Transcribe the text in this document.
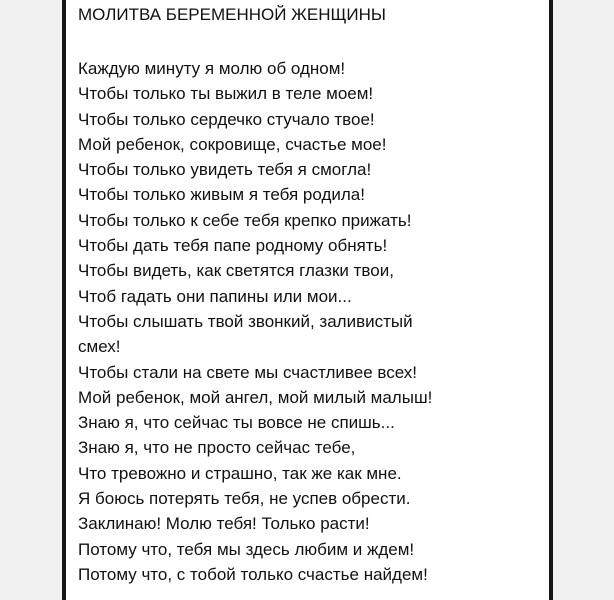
МОЛИТВА БЕРЕМЕННОЙ ЖЕНЩИНЫ
Каждую минуту я молю об одном!
Чтобы только ты выжил в теле моем!
Чтобы только сердечко стучало твое!
Мой ребенок, сокровище, счастье мое!
Чтобы только увидеть тебя я смогла!
Чтобы только живым я тебя родила!
Чтобы только к себе тебя крепко прижать!
Чтобы дать тебя папе родному обнять!
Чтобы видеть, как светятся глазки твои,
Чтоб гадать они папины или мои...
Чтобы слышать твой звонкий, заливистый
смех!
Чтобы стали на свете мы счастливее всех!
Мой ребенок, мой ангел, мой милый малыш!
Знаю я, что сейчас ты вовсе не спишь...
Знаю я, что не просто сейчас тебе,
Что тревожно и страшно, так же как мне.
Я боюсь потерять тебя, не успев обрести.
Заклинаю! Молю тебя! Только расти!
Потому что, тебя мы здесь любим и ждем!
Потому что, с тобой только счастье найдем!
